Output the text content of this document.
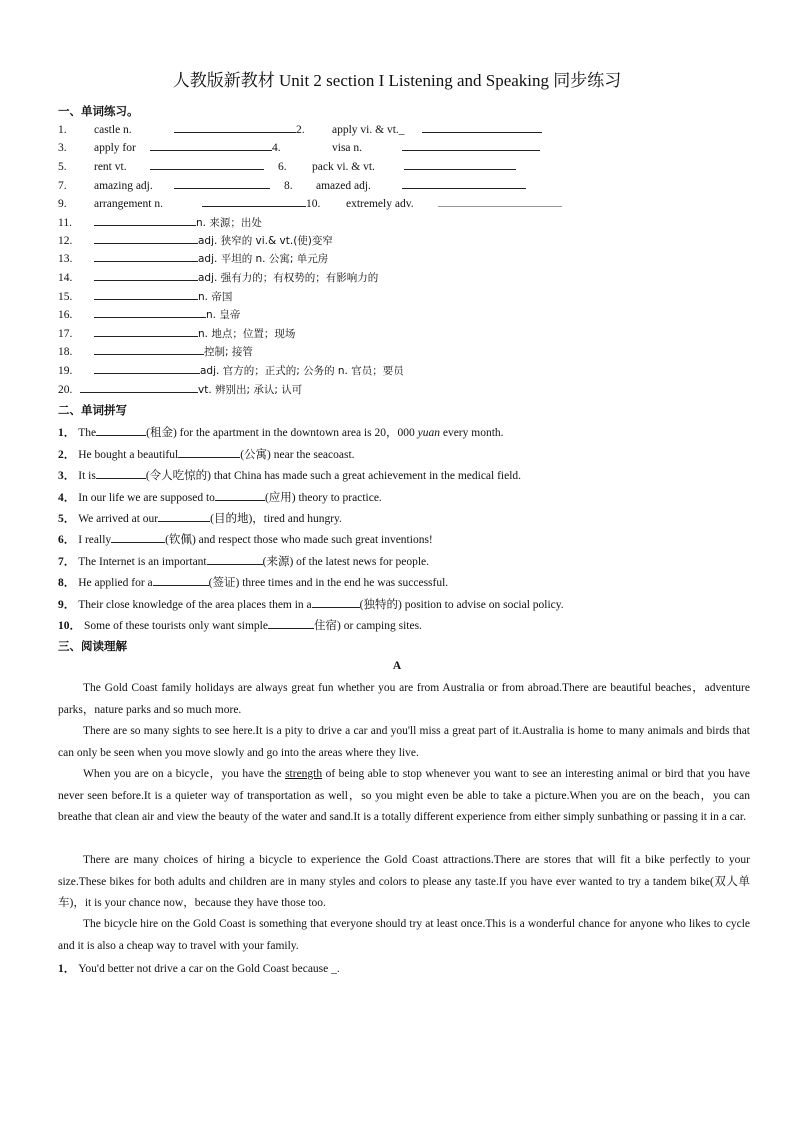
人教版新教材 Unit 2 section I Listening and Speaking 同步练习
一、单词练习。
1. castle n.	2. apply vi. & vt._
3. apply for	4.	visa n.
5. rent vt.	6. pack vi. & vt.
7. amazing adj.	8. amazed adj.
9. arrangement n.	10. extremely adv.
11.	n. 来源；出处
12.	adj. 狭窄的 vi.& vt.(使)变窄
13.	adj. 平坦的 n. 公寓; 单元房
14.	adj. 强有力的；有权势的；有影响力的
15.	n. 帝国
16.	n. 皇帝
17.	n. 地点；位置；现场
18.	控制; 接管
19.	adj. 官方的；正式的; 公务的 n. 官员；要员
20.	vt. 辨别出; 承认; 认可
二、单词拼写
1． The	(租金) for the apartment in the downtown area is 20，000 yuan every month.
2． He bought a beautiful	(公寓) near the seacoast.
3． It is	(令人吃惊的) that China has made such a great achievement in the medical field.
4． In our life we are supposed to	(应用) theory to practice.
5． We arrived at our	(目的地)，tired and hungry.
6． I really	(钦佩) and respect those who made such great inventions!
7． The Internet is an important	(来源) of the latest news for people.
8． He applied for a	(签证) three times and in the end he was successful.
9． Their close knowledge of the area places them in a	(独特的) position to advise on social policy.
10． Some of these tourists only want simple	住宿) or camping sites.
三、阅读理解
A

The Gold Coast family holidays are always great fun whether you are from Australia or from abroad.There are beautiful beaches，adventure parks，nature parks and so much more.

There are so many sights to see here.It is a pity to drive a car and you'll miss a great part of it.Australia is home to many animals and birds that can only be seen when you move slowly and go into the areas where they live.

When you are on a bicycle，you have the strength of being able to stop whenever you want to see an interesting animal or bird that you have never seen before.It is a quieter way of transportation as well，so you might even be able to take a picture.When you are on the beach，you can breathe that clean air and view the beauty of the water and sand.It is a totally different experience from either simply sunbathing or passing it in a car.

There are many choices of hiring a bicycle to experience the Gold Coast attractions.There are stores that will fit a bike perfectly to your size.These bikes for both adults and children are in many styles and colors to please any taste.If you have ever wanted to try a tandem bike(双人单车)，it is your chance now，because they have those too.

The bicycle hire on the Gold Coast is something that everyone should try at least once.This is a wonderful chance for anyone who likes to cycle and it is also a cheap way to travel with your family.

1． You'd better not drive a car on the Gold Coast because _.
